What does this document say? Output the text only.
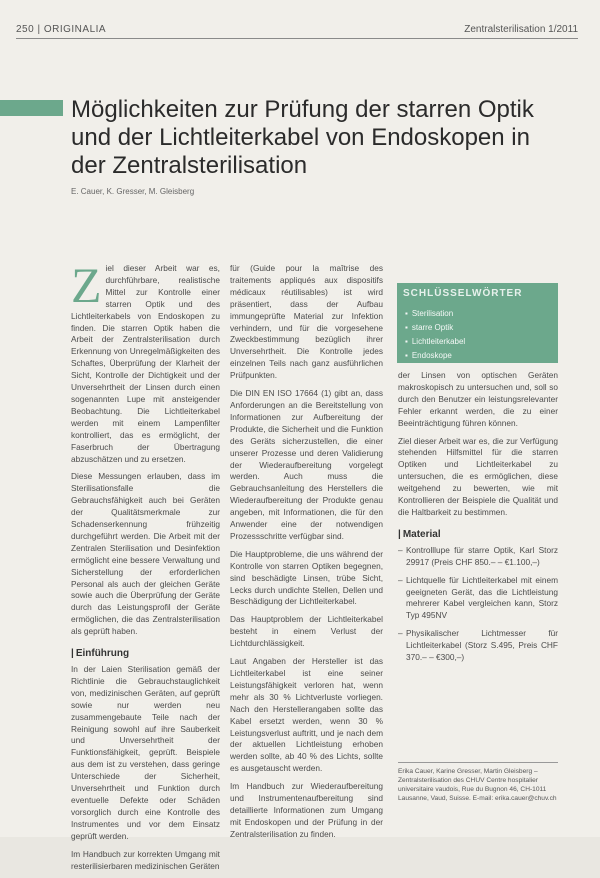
250 | ORIGINALIA	Zentralsterilisation 1/2011
Möglichkeiten zur Prüfung der starren Optik und der Lichtleiterkabel von Endoskopen in der Zentralsterilisation
E. Cauer, K. Gresser, M. Gleisberg

Ziel dieser Arbeit war es, durchführbare, realistische Mittel zur Kontrolle einer starren Optik und des Lichtleiterkabels von Endoskopen zu finden. Die starren Optik haben die Arbeit der Zentralsterilisation durch Erkennung von Unregelmäßigkeiten des Schaftes, Überprüfung der Klarheit der Sicht, Kontrolle der Dichtigkeit und der Unversehrtheit der Linsen durch einen sogenannten Lupe mit ansteigender Beobachtung. Die Lichtleiterkabel werden mit einem Lampenfilter kontrolliert, das es ermöglicht, der Faserbruch der Übertragung abzuschätzen und zu ersetzen.

Diese Messungen erlauben, dass im Sterilisationsfalle die Gebrauchsfähigkeit auch bei Geräten der Qualitätsmerkmale zur Schadenserkennung frühzeitig durchgeführt werden. Die Arbeit mit der Zentralen Sterilisation und Desinfektion ermöglicht eine bessere Verwaltung und Sicherstellung der erforderlichen Personal als auch der gleichen Geräte sowie auch die Überprüfung der Geräte durch das Leistungsprofil der Geräte ermöglichen, die das Zentralsterilisation als geprüft haben.

| Einführung

In der Laien Sterilisation gemäß der Richtlinie die Gebrauchstauglichkeit von, medizinischen Geräten, auf geprüft sowie nur werden neu zusammengebaute Teile nach der Reinigung sowohl auf ihre Sauberkeit und Unversehrtheit der Funktionsfähigkeit, geprüft. Beispiele aus dem ist zu verstehen, dass geringe Unterschiede der Sicherheit, Unversehrtheit und Funktion durch eventuelle Defekte oder Schäden vorsorglich durch eine Kontrolle des Instrumentes und vor dem Einsatz geprüft werden.

Im Handbuch zur korrekten Umgang mit resterilisierbaren medizinischen Geräten

für (Guide pour la maîtrise des traitements appliqués aux dispositifs médicaux réutilisables) ist wird präsentiert, dass der Aufbau immungeprüfte Material zur Infektion verhindern, und für die vorgesehene Zweckbestimmung bezüglich ihrer Unversehrtheit. Die Kontrolle jedes einzelnen Teils nach ganz ausführlichen Prüfpunkten.

Die DIN EN ISO 17664 (1) gibt an, dass Anforderungen an die Bereitstellung von Informationen zur Aufbereitung der Produkte, die Sicherheit und die Funktion des Geräts sicherzustellen, die einer unserer Prozesse und deren Validierung der Wiederaufbereitung vorgelegt werden. Auch muss die Gebrauchsanleitung des Herstellers die Wiederaufbereitung der Produkte genau angeben, mit Informationen, die für den Anwender eine der notwendigen Prozessschritte verfügbar sind.

Die Hauptprobleme, die uns während der Kontrolle von starren Optiken begegnen, sind beschädigte Linsen, trübe Sicht, Lecks durch undichte Stellen, Dellen und Beschädigung der Lichtleiterkabel.

Das Hauptproblem der Lichtleiterkabel besteht in einem Verlust der Lichtdurchlässigkeit.

Laut Angaben der Hersteller ist das Lichtleiterkabel ist eine seiner Leistungsfähigkeit verloren hat, wenn mehr als 30 % Lichtverluste vorliegen. Nach den Herstellerangaben sollte das Kabel ersetzt werden, wenn 30 % Leistungsverlust auftritt, und je nach dem der aktuellen Lichtleistung erhoben werden sollte, ab 40 % des Lichts, sollte es ausgetauscht werden.

Im Handbuch zur Wiederaufbereitung und Instrumentenaufbereitung sind detaillierte Informationen zum Umgang mit Endoskopen und der Prüfung in der Zentralsterilisation zu finden.

SCHLÜSSELWÖRTER
▪ Sterilisation
▪ starre Optik
▪ Lichtleiterkabel
▪ Endoskope

der Linsen von optischen Geräten makroskopisch zu untersuchen und, soll so durch den Benutzer ein leistungsrelevanter Fehler erkannt werden, die zu einer Beeinträchtigung führen können.

Ziel dieser Arbeit war es, die zur Verfügung stehenden Hilfsmittel für die starren Optiken und Lichtleiterkabel zu untersuchen, die es ermöglichen, diese weitgehend zu bewerten, wie mit Kontrollieren der Beispiele die Qualität und die Haltbarkeit zu bestimmen.

| Material
– Kontrolllupe für starre Optik, Karl Storz 29917 (Preis CHF 850.– – €1.100,–)
– Lichtquelle für Lichtleiterkabel mit einem geeigneten Gerät, das die Lichtleistung mehrerer Kabel vergleichen kann, Storz Typ 495NV
– Physikalischer Lichtmesser für Lichtleiterkabel (Storz S.495, Preis CHF 370.– – €300,–)
Erika Cauer, Karine Gresser, Martin Gleisberg – Zentralsterilisation des CHUV Centre hospitalier universitaire vaudois, Rue du Bugnon 46, CH-1011 Lausanne, Vaud, Suisse. E-mail: erika.cauer@chuv.ch
